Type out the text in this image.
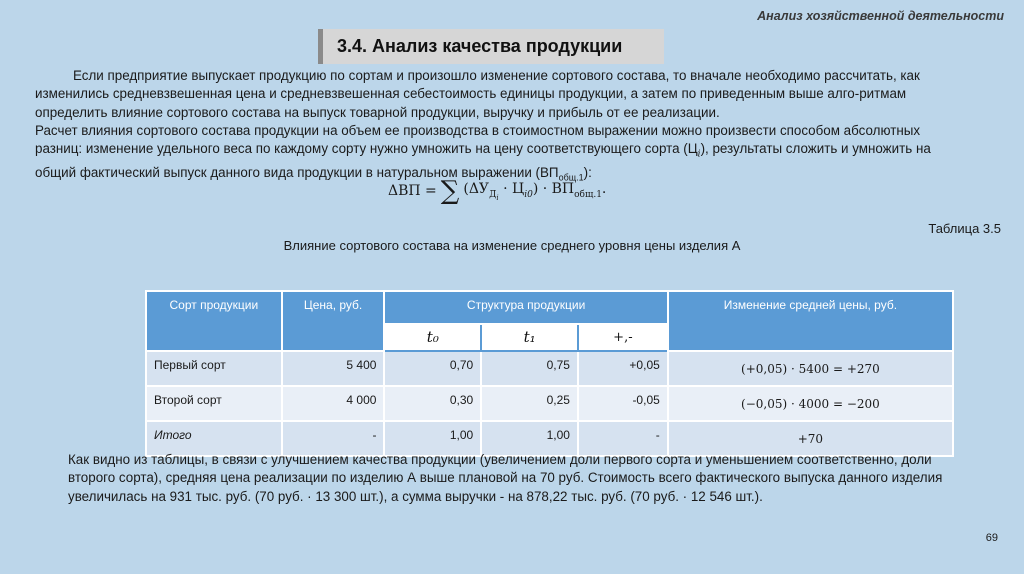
Анализ хозяйственной деятельности
3.4. Анализ качества продукции
Если предприятие выпускает продукцию по сортам и произошло изменение сортового состава, то вначале необходимо рассчитать, как изменились средневзвешенная цена и средневзвешенная себестоимость единицы продукции, а затем по приведенным выше алго-ритмам определить влияние сортового состава на выпуск товарной продукции, выручку и прибыль от ее реализации.
Расчет влияния сортового состава продукции на объем ее производства в стоимостном выражении можно произвести способом абсолютных разниц: изменение удельного веса по каждому сорту нужно умножить на цену соответствующего сорта $(Ц_i)$, результаты сложить и умножить на общий фактический выпуск данного вида продукции в натуральном выражении $(ВП_{общ.1})$:
ΔВП = ∑ $(\Delta У_{Д_i} \cdot Ц_{i0}) \cdot ВП_{общ.1}$.
Таблица 3.5
Влияние сортового состава на изменение среднего уровня цены изделия А
Сорт продукции	Цена, руб.	Структура продукции			Изменение средней цены, руб.
		t₀	t₁	+,-	
Первый сорт	5 400	0,70	0,75	+0,05	(+0,05) · 5400 = +270
Второй сорт	4 000	0,30	0,25	-0,05	(−0,05) · 4000 = −200
Итого	-	1,00	1,00	-	+70
Как видно из таблицы, в связи с улучшением качества продукции (увеличением доли первого сорта и уменьшением соответственно, доли второго сорта), средняя цена реализации по изделию А выше плановой на 70 руб. Стоимость всего фактического выпуска данного изделия увеличилась на 931 тыс. руб. (70 руб. · 13 300 шт.), а сумма выручки - на 878,22 тыс. руб. (70 руб. · 12 546 шт.).
69
